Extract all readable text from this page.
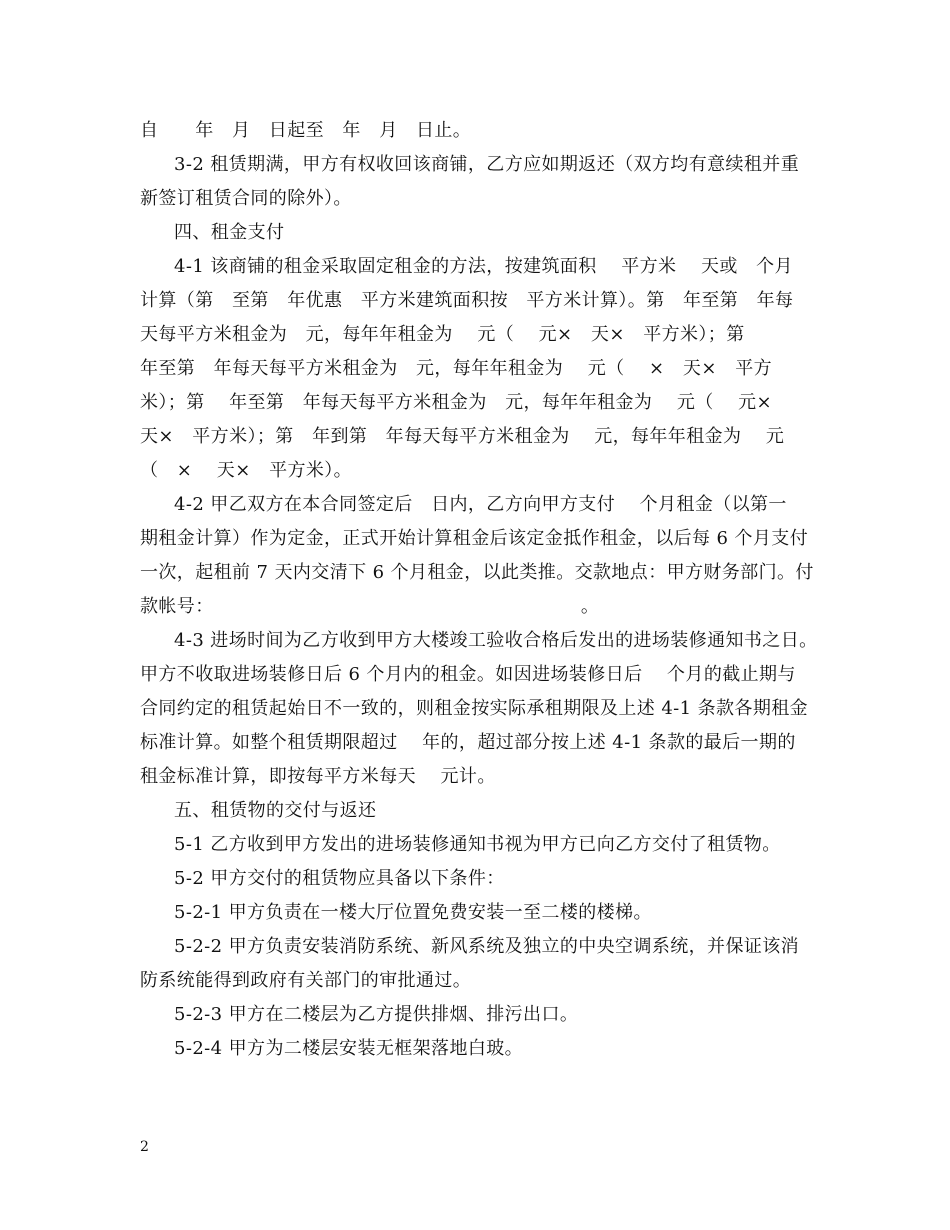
自　　年　月　日起至　年　月　日止。
3-2 租赁期满，甲方有权收回该商铺，乙方应如期返还（双方均有意续租并重
新签订租赁合同的除外）。
四、租金支付
4-1 该商铺的租金采取固定租金的方法，按建筑面积　 平方米　 天或　个月
计算（第　至第　年优惠　平方米建筑面积按　平方米计算）。第　年至第　年每
天每平方米租金为　元，每年年租金为　 元（　 元×　天×　平方米）；第
年至第　年每天每平方米租金为　元，每年年租金为　 元（　 ×　天×　平方
米）；第　 年至第　年每天每平方米租金为　元，每年年租金为　 元（　 元×
天×　平方米）；第　年到第　年每天每平方米租金为　 元，每年年租金为　 元
（　×　 天×　平方米）。
4-2 甲乙双方在本合同签定后　日内，乙方向甲方支付　 个月租金（以第一
期租金计算）作为定金，正式开始计算租金后该定金抵作租金，以后每 6 个月支付
一次，起租前 7 天内交清下 6 个月租金，以此类推。交款地点：甲方财务部门。付
款帐号：                                                            。
4-3 进场时间为乙方收到甲方大楼竣工验收合格后发出的进场装修通知书之日。
甲方不收取进场装修日后 6 个月内的租金。如因进场装修日后　 个月的截止期与
合同约定的租赁起始日不一致的，则租金按实际承租期限及上述 4-1 条款各期租金
标准计算。如整个租赁期限超过　 年的，超过部分按上述 4-1 条款的最后一期的
租金标准计算，即按每平方米每天　 元计。
五、租赁物的交付与返还
5-1 乙方收到甲方发出的进场装修通知书视为甲方已向乙方交付了租赁物。
5-2 甲方交付的租赁物应具备以下条件：
5-2-1 甲方负责在一楼大厅位置免费安装一至二楼的楼梯。
5-2-2 甲方负责安装消防系统、新风系统及独立的中央空调系统，并保证该消
防系统能得到政府有关部门的审批通过。
5-2-3 甲方在二楼层为乙方提供排烟、排污出口。
5-2-4 甲方为二楼层安装无框架落地白玻。
2
